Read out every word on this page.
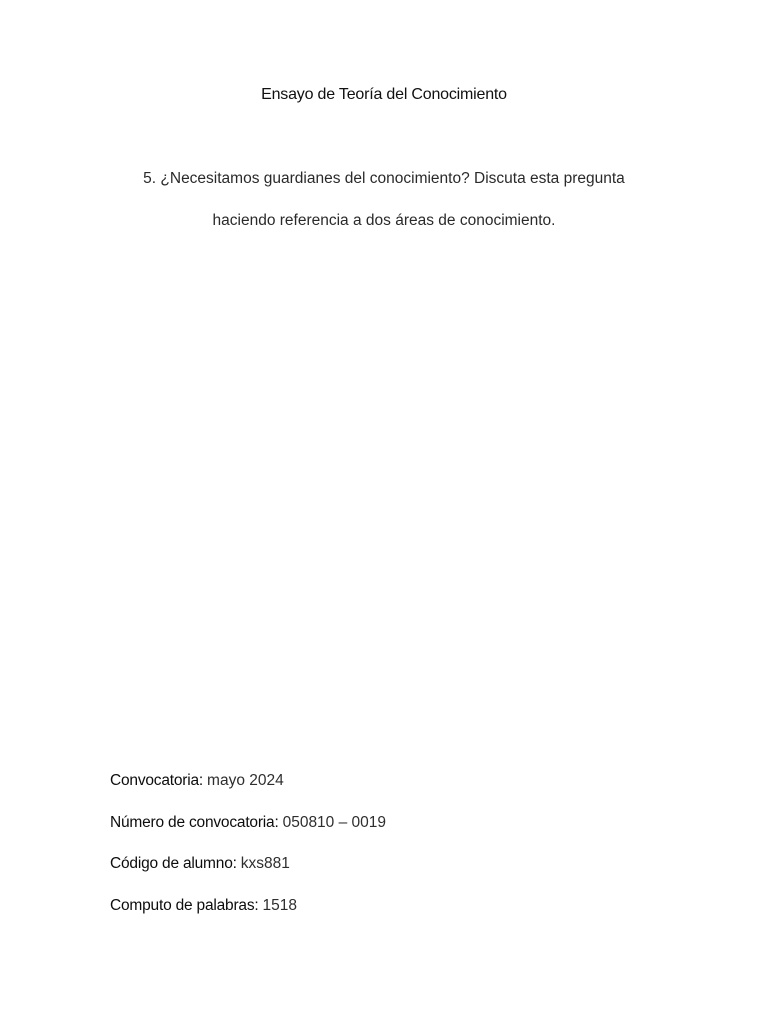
Ensayo de Teoría del Conocimiento
5. ¿Necesitamos guardianes del conocimiento? Discuta esta pregunta
haciendo referencia a dos áreas de conocimiento.
Convocatoria: mayo 2024
Número de convocatoria: 050810 – 0019
Código de alumno: kxs881
Computo de palabras: 1518
